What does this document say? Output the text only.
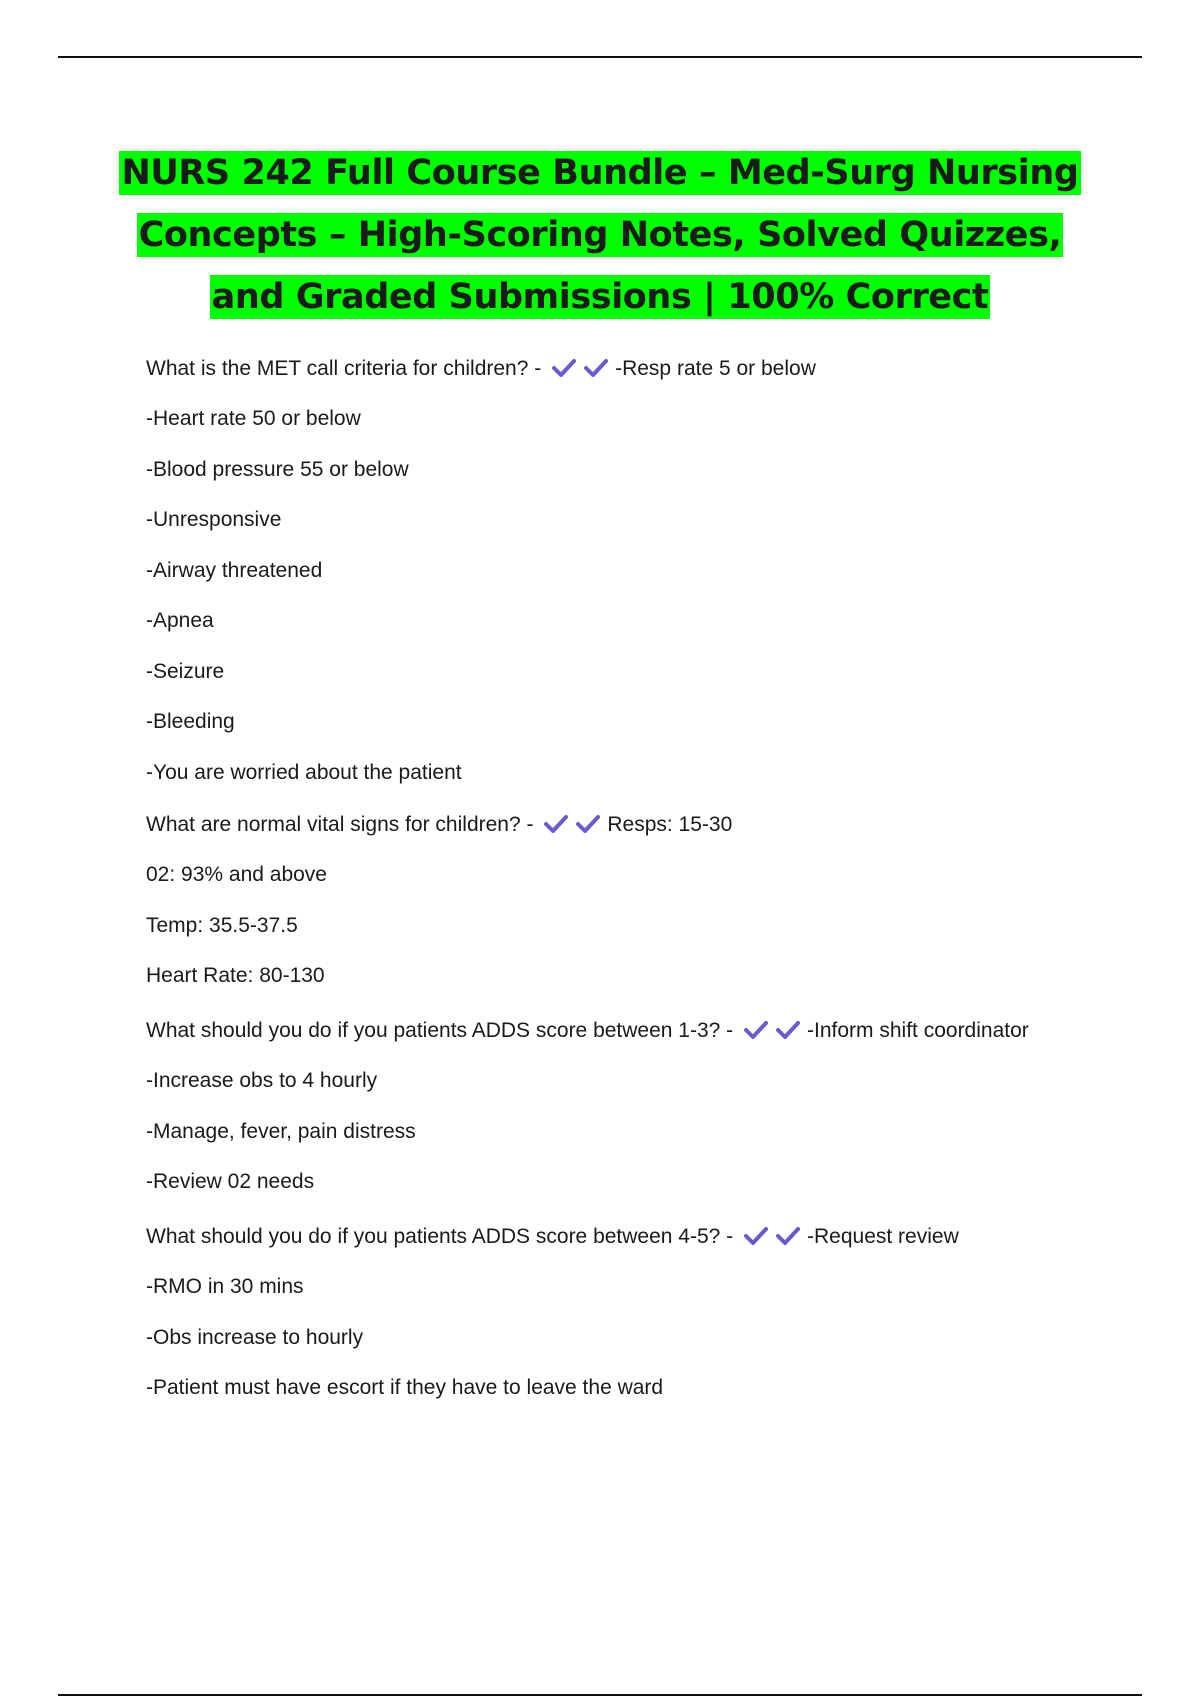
NURS 242 Full Course Bundle – Med-Surg Nursing
Concepts – High-Scoring Notes, Solved Quizzes,
and Graded Submissions | 100% Correct
What is the MET call criteria for children? -	-Resp rate 5 or below
-Heart rate 50 or below
-Blood pressure 55 or below
-Unresponsive
-Airway threatened
-Apnea
-Seizure
-Bleeding
-You are worried about the patient
What are normal vital signs for children? -	Resps: 15-30
02: 93% and above
Temp: 35.5-37.5
Heart Rate: 80-130
What should you do if you patients ADDS score between 1-3? -	-Inform shift coordinator
-Increase obs to 4 hourly
-Manage, fever, pain distress
-Review 02 needs
What should you do if you patients ADDS score between 4-5? -	-Request review
-RMO in 30 mins
-Obs increase to hourly
-Patient must have escort if they have to leave the ward
